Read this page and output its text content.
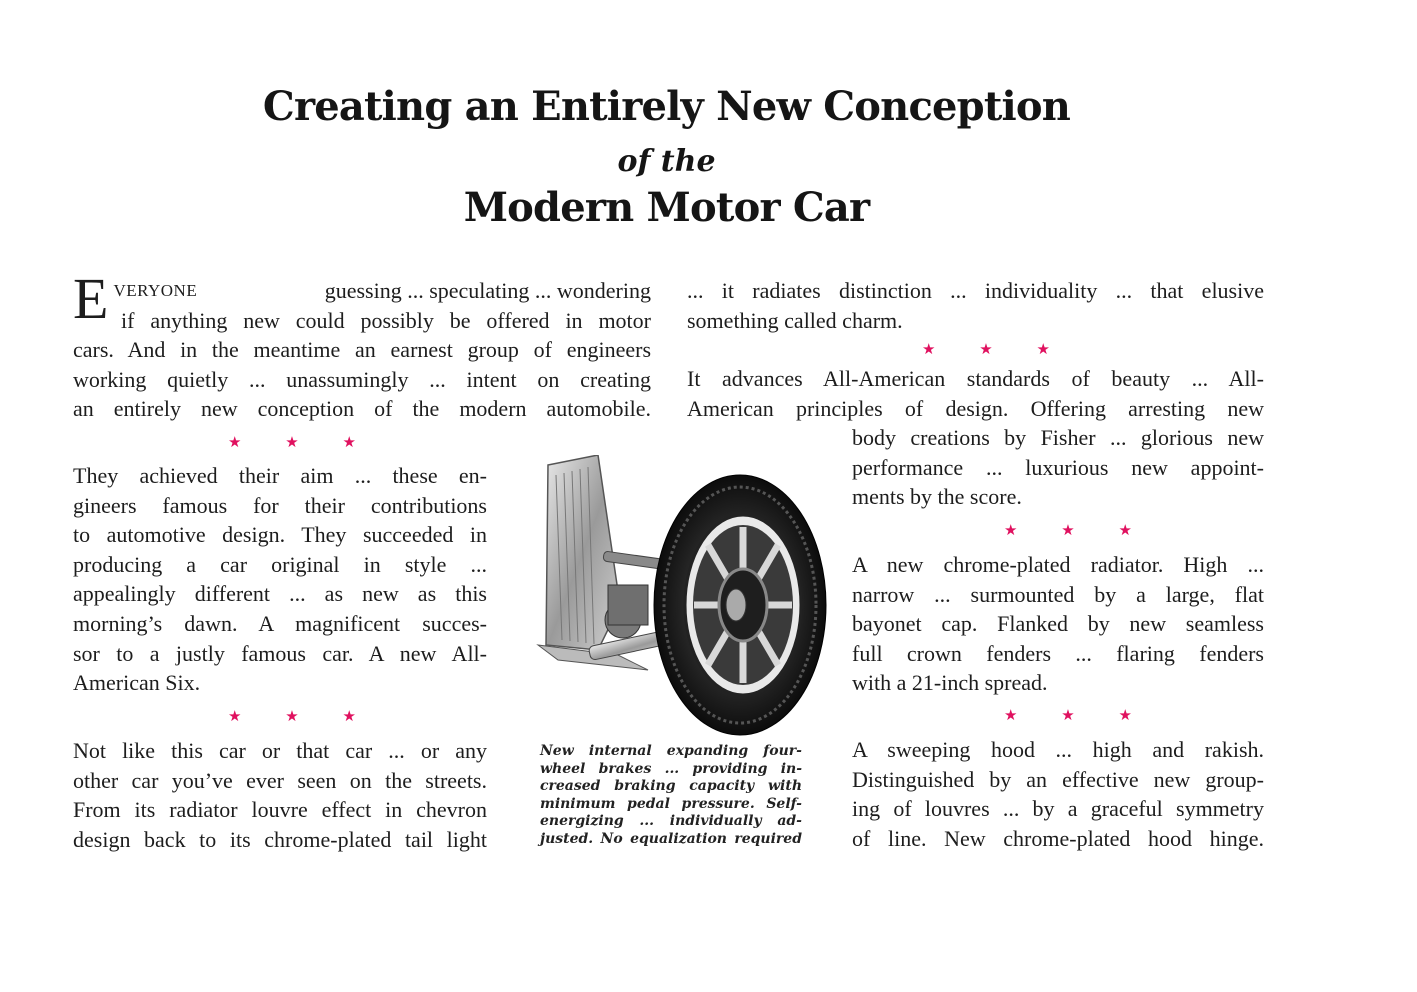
Creating an Entirely New Conception
of the
Modern Motor Car
E VERYONE	guessing ... speculating ... wondering
if anything new could possibly be offered in motor
cars. And in the meantime an earnest group of engineers
working quietly ... unassumingly ... intent on creating
an entirely new conception of the modern automobile.
★	★	★
They achieved their aim ... these en-
gineers famous for their contributions
to automotive design. They succeeded in
producing a car original in style ...
appealingly different ... as new as this
morning’s dawn. A magnificent succes-
sor to a justly famous car. A new All-
American Six.
★	★	★
Not like this car or that car ... or any
other car you’ve ever seen on the streets.
From its radiator louvre effect in chevron
design back to its chrome-plated tail light
New internal expanding four-
wheel brakes ... providing in-
creased braking capacity with
minimum pedal pressure. Self-
energizing ... individually ad-
justed. No equalization required
... it radiates distinction ... individuality ... that elusive
something called charm.
★	★	★
It advances All-American standards of beauty ... All-
American principles of design. Offering arresting new
body creations by Fisher ... glorious new
performance ... luxurious new appoint-
ments by the score.
★	★	★
A new chrome-plated radiator. High ...
narrow ... surmounted by a large, flat
bayonet cap. Flanked by new seamless
full crown fenders ... flaring fenders
with a 21-inch spread.
★	★	★
A sweeping hood ... high and rakish.
Distinguished by an effective new group-
ing of louvres ... by a graceful symmetry
of line. New chrome-plated hood hinge.
